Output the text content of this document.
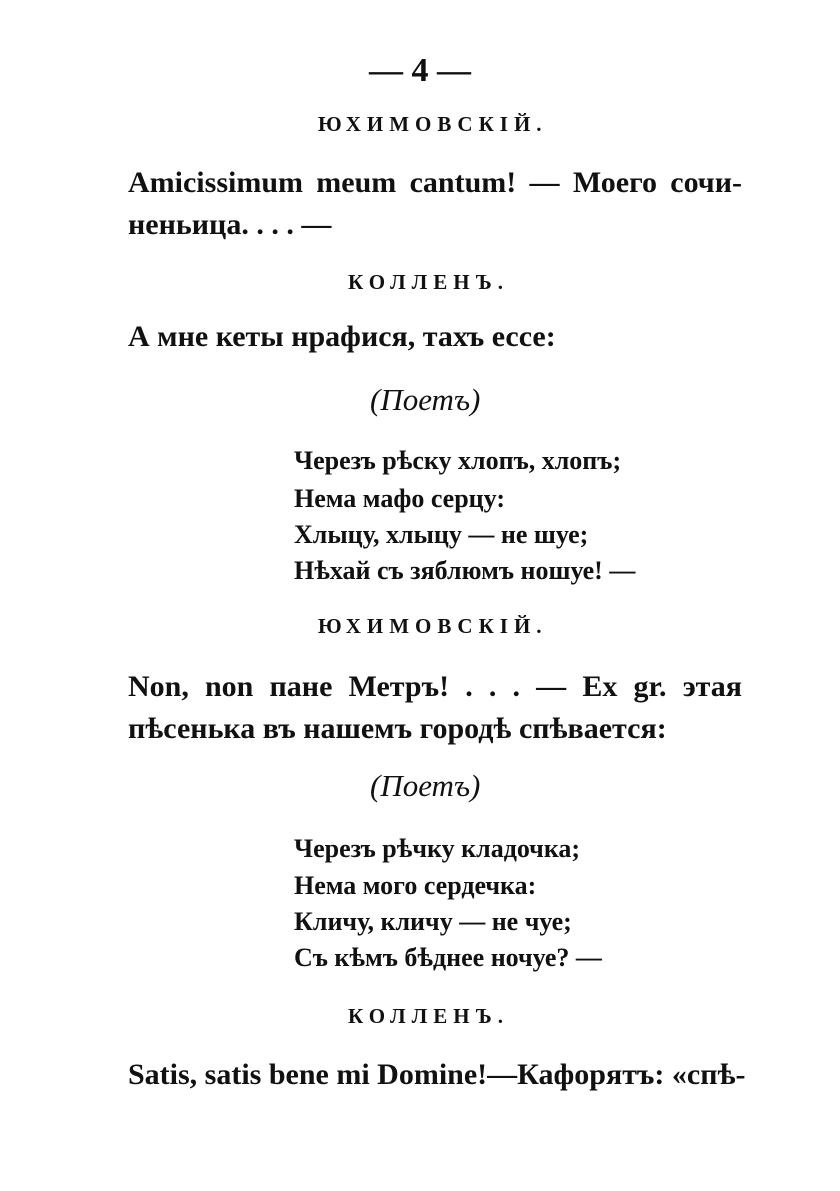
— 4 —
ЮХИМОВСКІЙ.
Amicissimum meum cantum! — Моего сочи-
неньица. . . . —
КОЛЛЕНЪ.
А мне кеты нрафися, тахъ ессе:
(Поетъ)
Черезъ рѣску хлопъ, хлопъ;
Нема мафо серцу:
Хлыцу, хлыцу — не шуе;
Нѣхай съ зяблюмъ ношуе! —
ЮХИМОВСКІЙ.
Non, non пане Метръ! . . . — Ex gr. этая
пѣсенька въ нашемъ городѣ спѣвается:
(Поетъ)
Черезъ рѣчку кладочка;
Нема мого сердечка:
Кличу, кличу — не чуе;
Съ кѣмъ бѣднее ночуе? —
КОЛЛЕНЪ.
Satis, satis bene mi Domine!—Кафорятъ: «спѣ-
